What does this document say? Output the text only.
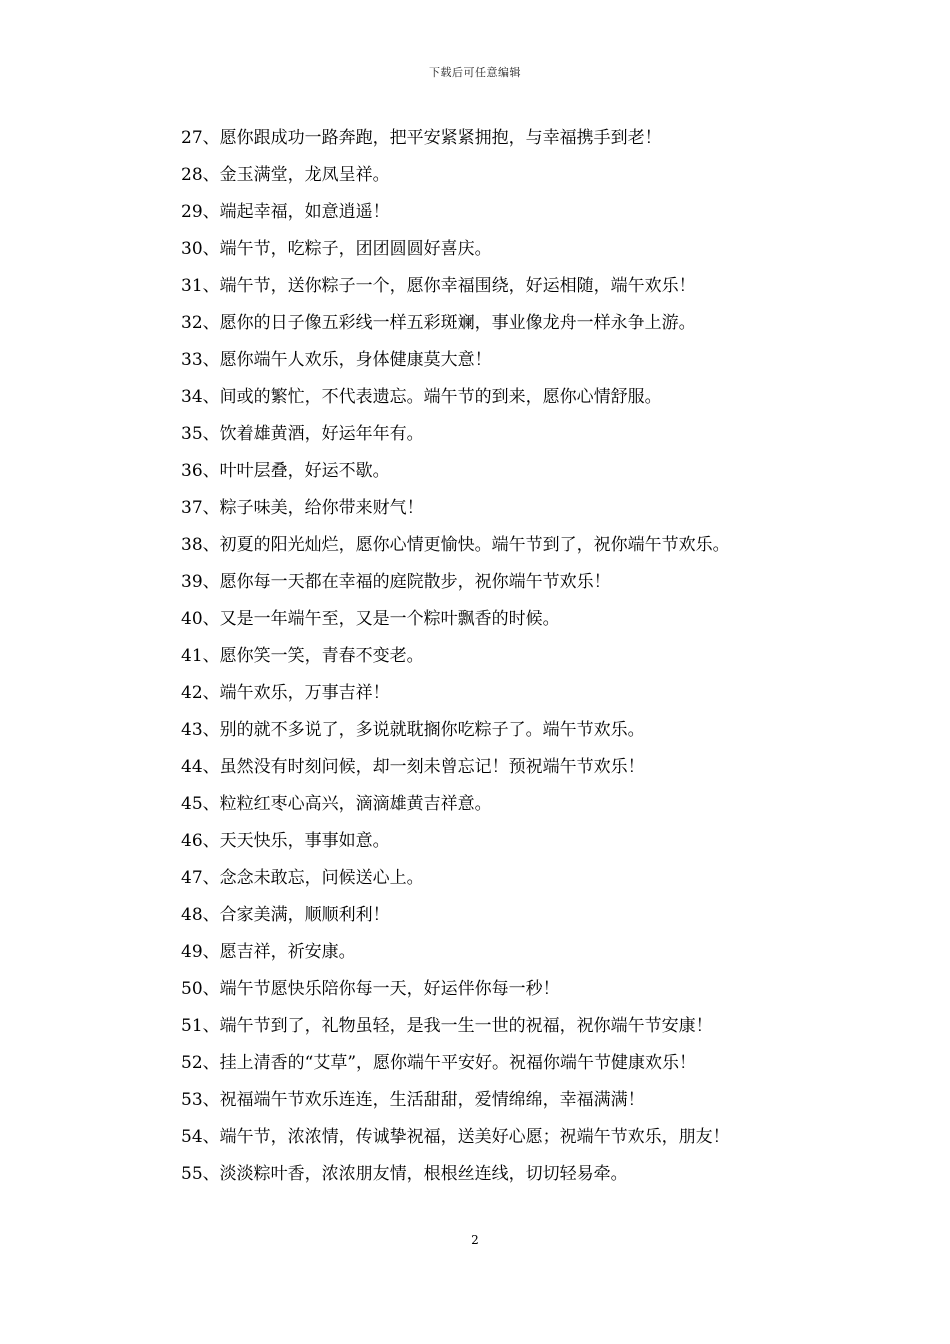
下载后可任意编辑
27、愿你跟成功一路奔跑，把平安紧紧拥抱，与幸福携手到老！
28、金玉满堂，龙凤呈祥。
29、端起幸福，如意逍遥！
30、端午节，吃粽子，团团圆圆好喜庆。
31、端午节，送你粽子一个，愿你幸福围绕，好运相随，端午欢乐！
32、愿你的日子像五彩线一样五彩斑斓，事业像龙舟一样永争上游。
33、愿你端午人欢乐，身体健康莫大意！
34、间或的繁忙，不代表遗忘。端午节的到来，愿你心情舒服。
35、饮着雄黄酒，好运年年有。
36、叶叶层叠，好运不歇。
37、粽子味美，给你带来财气！
38、初夏的阳光灿烂，愿你心情更愉快。端午节到了，祝你端午节欢乐。
39、愿你每一天都在幸福的庭院散步，祝你端午节欢乐！
40、又是一年端午至，又是一个粽叶飘香的时候。
41、愿你笑一笑，青春不变老。
42、端午欢乐，万事吉祥！
43、别的就不多说了，多说就耽搁你吃粽子了。端午节欢乐。
44、虽然没有时刻问候，却一刻未曾忘记！预祝端午节欢乐！
45、粒粒红枣心高兴，滴滴雄黄吉祥意。
46、天天快乐，事事如意。
47、念念未敢忘，问候送心上。
48、合家美满，顺顺利利！
49、愿吉祥，祈安康。
50、端午节愿快乐陪你每一天，好运伴你每一秒！
51、端午节到了，礼物虽轻，是我一生一世的祝福，祝你端午节安康！
52、挂上清香的“艾草”，愿你端午平安好。祝福你端午节健康欢乐！
53、祝福端午节欢乐连连，生活甜甜，爱情绵绵，幸福满满！
54、端午节，浓浓情，传诚挚祝福，送美好心愿；祝端午节欢乐，朋友！
55、淡淡粽叶香，浓浓朋友情，根根丝连线，切切轻易牵。
2
